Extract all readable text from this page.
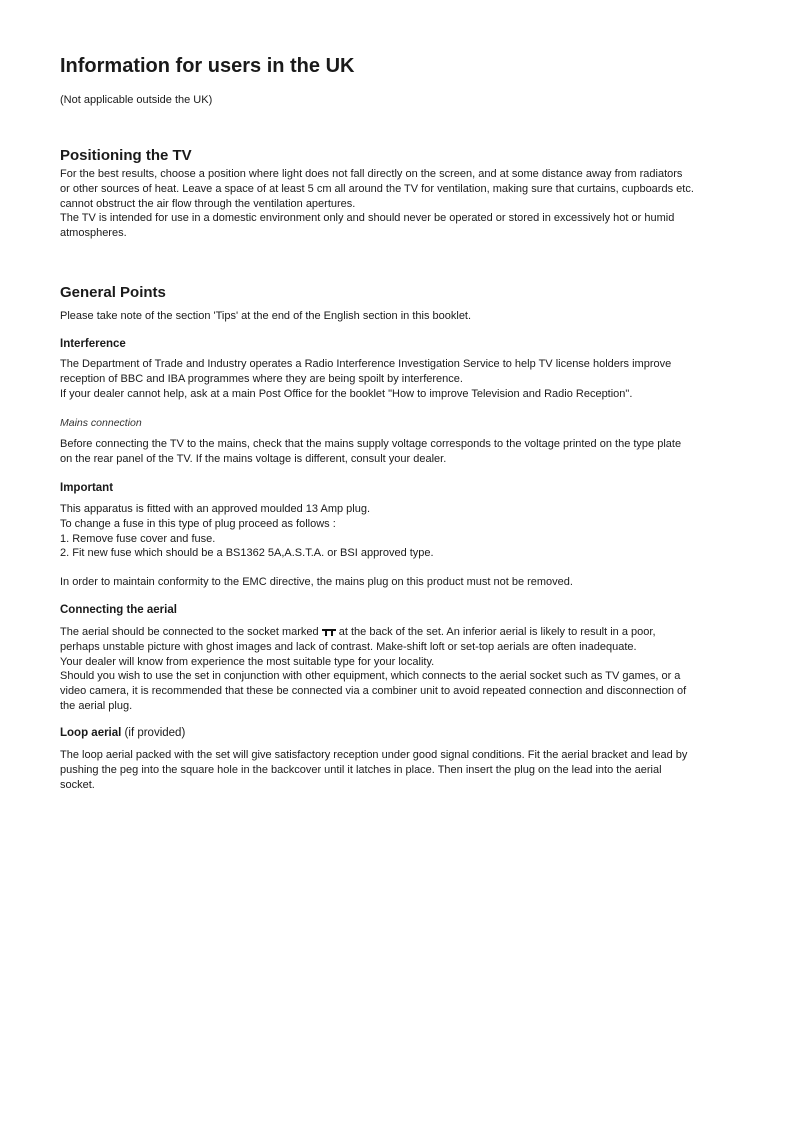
Information for users in the UK
(Not applicable outside the UK)
Positioning the TV
For the best results, choose a position where light does not fall directly on the screen, and at some distance away from radiators
or other sources of heat. Leave a space of at least 5 cm all around the TV for ventilation, making sure that curtains, cupboards etc.
cannot obstruct the air flow through the ventilation apertures.
The TV is intended for use in a domestic environment only and should never be operated or stored in excessively hot or humid
atmospheres.
General Points
Please take note of the section 'Tips' at the end of the English section in this booklet.
Interference
The Department of Trade and Industry operates a Radio Interference Investigation Service to help TV license holders improve
reception of BBC and IBA programmes where they are being spoilt by interference.
If your dealer cannot help, ask at a main Post Office for the booklet "How to improve Television and Radio Reception".
Mains connection
Before connecting the TV to the mains, check that the mains supply voltage corresponds to the voltage printed on the type plate
on the rear panel of the TV. If the mains voltage is different, consult your dealer.
Important
This apparatus is fitted with an approved moulded 13 Amp plug.
To change a fuse in this type of plug proceed as follows :
1. Remove fuse cover and fuse.
2. Fit new fuse which should be a BS1362 5A,A.S.T.A. or BSI approved type.
In order to maintain conformity to the EMC directive, the mains plug on this product must not be removed.
Connecting the aerial
The aerial should be connected to the socket marked  at the back of the set. An inferior aerial is likely to result in a poor,
perhaps unstable picture with ghost images and lack of contrast. Make-shift loft or set-top aerials are often inadequate.
Your dealer will know from experience the most suitable type for your locality.
Should you wish to use the set in conjunction with other equipment, which connects to the aerial socket such as TV games, or a
video camera, it is recommended that these be connected via a combiner unit to avoid repeated connection and disconnection of
the aerial plug.
Loop aerial (if provided)
The loop aerial packed with the set will give satisfactory reception under good signal conditions. Fit the aerial bracket and lead by
pushing the peg into the square hole in the backcover until it latches in place. Then insert the plug on the lead into the aerial
socket.
